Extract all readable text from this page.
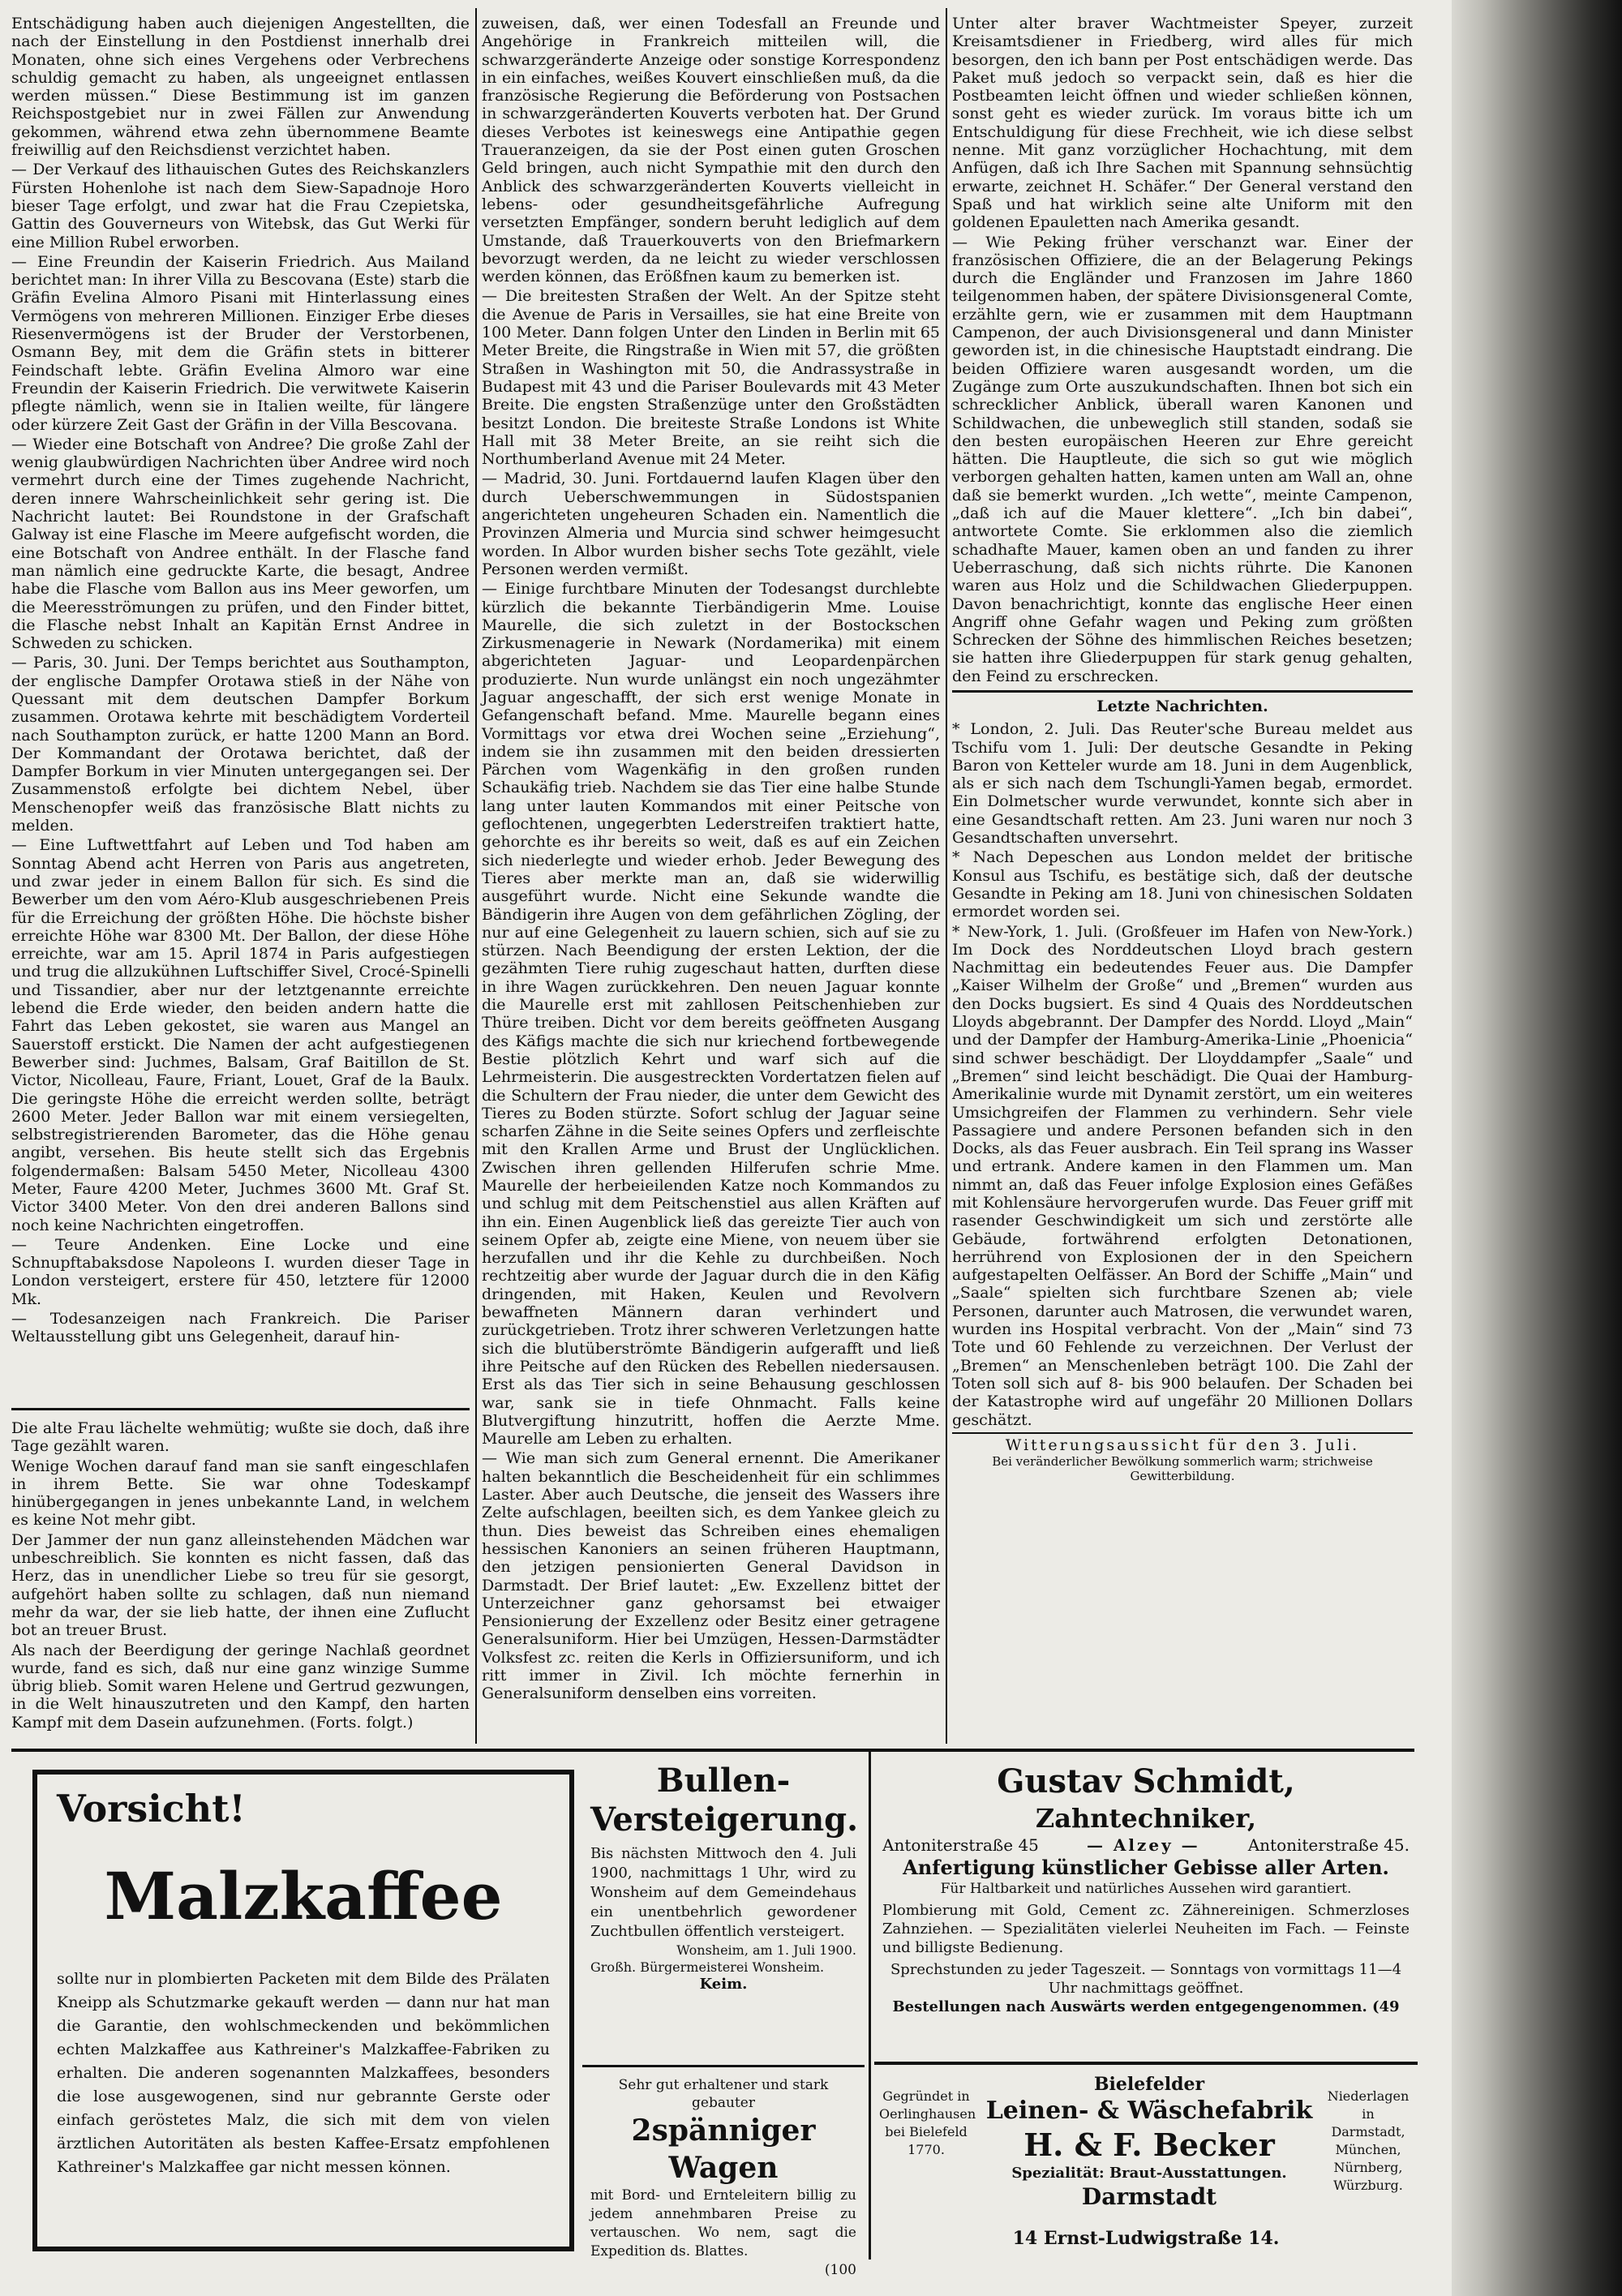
Entschädigung haben auch diejenigen Angestellten, die nach der Einstellung in den Postdienst innerhalb drei Monaten, ohne sich eines Vergehens oder Verbrechens schuldig gemacht zu haben, als ungeeignet entlassen werden müssen.“ Diese Bestimmung ist im ganzen Reichspostgebiet nur in zwei Fällen zur Anwendung gekommen, während etwa zehn übernommene Beamte freiwillig auf den Reichsdienst verzichtet haben.

— Der Verkauf des lithauischen Gutes des Reichskanzlers Fürsten Hohenlohe ist nach dem Siew-Sapadnoje Horo bieser Tage erfolgt, und zwar hat die Frau Czepietska, Gattin des Gouverneurs von Witebsk, das Gut Werki für eine Million Rubel erworben.

— Eine Freundin der Kaiserin Friedrich. Aus Mailand berichtet man: In ihrer Villa zu Bescovana (Este) starb die Gräfin Evelina Almoro Pisani mit Hinterlassung eines Vermögens von mehreren Millionen. Einziger Erbe dieses Riesenvermögens ist der Bruder der Verstorbenen, Osmann Bey, mit dem die Gräfin stets in bitterer Feindschaft lebte. Gräfin Evelina Almoro war eine Freundin der Kaiserin Friedrich. Die verwitwete Kaiserin pflegte nämlich, wenn sie in Italien weilte, für längere oder kürzere Zeit Gast der Gräfin in der Villa Bescovana.

— Wieder eine Botschaft von Andree? Die große Zahl der wenig glaubwürdigen Nachrichten über Andree wird noch vermehrt durch eine der Times zugehende Nachricht, deren innere Wahrscheinlichkeit sehr gering ist. Die Nachricht lautet: Bei Roundstone in der Grafschaft Galway ist eine Flasche im Meere aufgefischt worden, die eine Botschaft von Andree enthält. In der Flasche fand man nämlich eine gedruckte Karte, die besagt, Andree habe die Flasche vom Ballon aus ins Meer geworfen, um die Meeresströmungen zu prüfen, und den Finder bittet, die Flasche nebst Inhalt an Kapitän Ernst Andree in Schweden zu schicken.

— Paris, 30. Juni. Der Temps berichtet aus Southampton, der englische Dampfer Orotawa stieß in der Nähe von Quessant mit dem deutschen Dampfer Borkum zusammen. Orotawa kehrte mit beschädigtem Vorderteil nach Southampton zurück, er hatte 1200 Mann an Bord. Der Kommandant der Orotawa berichtet, daß der Dampfer Borkum in vier Minuten untergegangen sei. Der Zusammenstoß erfolgte bei dichtem Nebel, über Menschenopfer weiß das französische Blatt nichts zu melden.

— Eine Luftwettfahrt auf Leben und Tod haben am Sonntag Abend acht Herren von Paris aus angetreten, und zwar jeder in einem Ballon für sich. Es sind die Bewerber um den vom Aéro-Klub ausgeschriebenen Preis für die Erreichung der größten Höhe. Die höchste bisher erreichte Höhe war 8300 Mt. Der Ballon, der diese Höhe erreichte, war am 15. April 1874 in Paris aufgestiegen und trug die allzukühnen Luftschiffer Sivel, Crocé-Spinelli und Tissandier, aber nur der letztgenannte erreichte lebend die Erde wieder, den beiden andern hatte die Fahrt das Leben gekostet, sie waren aus Mangel an Sauerstoff erstickt. Die Namen der acht aufgestiegenen Bewerber sind: Juchmes, Balsam, Graf Baitillon de St. Victor, Nicolleau, Faure, Friant, Louet, Graf de la Baulx. Die geringste Höhe die erreicht werden sollte, beträgt 2600 Meter. Jeder Ballon war mit einem versiegelten, selbstregistrierenden Barometer, das die Höhe genau angibt, versehen. Bis heute stellt sich das Ergebnis folgendermaßen: Balsam 5450 Meter, Nicolleau 4300 Meter, Faure 4200 Meter, Juchmes 3600 Mt. Graf St. Victor 3400 Meter. Von den drei anderen Ballons sind noch keine Nachrichten eingetroffen.

— Teure Andenken. Eine Locke und eine Schnupftabaksdose Napoleons I. wurden dieser Tage in London versteigert, erstere für 450, letztere für 12000 Mk.

— Todesanzeigen nach Frankreich. Die Pariser Weltausstellung gibt uns Gelegenheit, darauf hin-

Die alte Frau lächelte wehmütig; wußte sie doch, daß ihre Tage gezählt waren.

Wenige Wochen darauf fand man sie sanft eingeschlafen in ihrem Bette. Sie war ohne Todeskampf hinübergegangen in jenes unbekannte Land, in welchem es keine Not mehr gibt.

Der Jammer der nun ganz alleinstehenden Mädchen war unbeschreiblich. Sie konnten es nicht fassen, daß das Herz, das in unendlicher Liebe so treu für sie gesorgt, aufgehört haben sollte zu schlagen, daß nun niemand mehr da war, der sie lieb hatte, der ihnen eine Zuflucht bot an treuer Brust.

Als nach der Beerdigung der geringe Nachlaß geordnet wurde, fand es sich, daß nur eine ganz winzige Summe übrig blieb. Somit waren Helene und Gertrud gezwungen, in die Welt hinauszutreten und den Kampf, den harten Kampf mit dem Dasein aufzunehmen. (Forts. folgt.)

zuweisen, daß, wer einen Todesfall an Freunde und Angehörige in Frankreich mitteilen will, die schwarzgeränderte Anzeige oder sonstige Korrespondenz in ein einfaches, weißes Kouvert einschließen muß, da die französische Regierung die Beförderung von Postsachen in schwarzgeränderten Kouverts verboten hat. Der Grund dieses Verbotes ist keineswegs eine Antipathie gegen Traueranzeigen, da sie der Post einen guten Groschen Geld bringen, auch nicht Sympathie mit den durch den Anblick des schwarzgeränderten Kouverts vielleicht in lebens- oder gesundheitsgefährliche Aufregung versetzten Empfänger, sondern beruht lediglich auf dem Umstande, daß Trauerkouverts von den Briefmarkern bevorzugt werden, da ne leicht zu wieder verschlossen werden können, das Erößfnen kaum zu bemerken ist.

— Die breitesten Straßen der Welt. An der Spitze steht die Avenue de Paris in Versailles, sie hat eine Breite von 100 Meter. Dann folgen Unter den Linden in Berlin mit 65 Meter Breite, die Ringstraße in Wien mit 57, die größten Straßen in Washington mit 50, die Andrassystraße in Budapest mit 43 und die Pariser Boulevards mit 43 Meter Breite. Die engsten Straßenzüge unter den Großstädten besitzt London. Die breiteste Straße Londons ist White Hall mit 38 Meter Breite, an sie reiht sich die Northumberland Avenue mit 24 Meter.

— Madrid, 30. Juni. Fortdauernd laufen Klagen über den durch Ueberschwemmungen in Südostspanien angerichteten ungeheuren Schaden ein. Namentlich die Provinzen Almeria und Murcia sind schwer heimgesucht worden. In Albor wurden bisher sechs Tote gezählt, viele Personen werden vermißt.

— Einige furchtbare Minuten der Todesangst durchlebte kürzlich die bekannte Tierbändigerin Mme. Louise Maurelle, die sich zuletzt in der Bostockschen Zirkusmenagerie in Newark (Nordamerika) mit einem abgerichteten Jaguar- und Leopardenpärchen produzierte. Nun wurde unlängst ein noch ungezähmter Jaguar angeschafft, der sich erst wenige Monate in Gefangenschaft befand. Mme. Maurelle begann eines Vormittags vor etwa drei Wochen seine „Erziehung“, indem sie ihn zusammen mit den beiden dressierten Pärchen vom Wagenkäfig in den großen runden Schaukäfig trieb. Nachdem sie das Tier eine halbe Stunde lang unter lauten Kommandos mit einer Peitsche von geflochtenen, ungegerbten Lederstreifen traktiert hatte, gehorchte es ihr bereits so weit, daß es auf ein Zeichen sich niederlegte und wieder erhob. Jeder Bewegung des Tieres aber merkte man an, daß sie widerwillig ausgeführt wurde. Nicht eine Sekunde wandte die Bändigerin ihre Augen von dem gefährlichen Zögling, der nur auf eine Gelegenheit zu lauern schien, sich auf sie zu stürzen. Nach Beendigung der ersten Lektion, der die gezähmten Tiere ruhig zugeschaut hatten, durften diese in ihre Wagen zurückkehren. Den neuen Jaguar konnte die Maurelle erst mit zahllosen Peitschenhieben zur Thüre treiben. Dicht vor dem bereits geöffneten Ausgang des Käfigs machte die sich nur kriechend fortbewegende Bestie plötzlich Kehrt und warf sich auf die Lehrmeisterin. Die ausgestreckten Vordertatzen fielen auf die Schultern der Frau nieder, die unter dem Gewicht des Tieres zu Boden stürzte. Sofort schlug der Jaguar seine scharfen Zähne in die Seite seines Opfers und zerfleischte mit den Krallen Arme und Brust der Unglücklichen. Zwischen ihren gellenden Hilferufen schrie Mme. Maurelle der herbeieilenden Katze noch Kommandos zu und schlug mit dem Peitschenstiel aus allen Kräften auf ihn ein. Einen Augenblick ließ das gereizte Tier auch von seinem Opfer ab, zeigte eine Miene, von neuem über sie herzufallen und ihr die Kehle zu durchbeißen. Noch rechtzeitig aber wurde der Jaguar durch die in den Käfig dringenden, mit Haken, Keulen und Revolvern bewaffneten Männern daran verhindert und zurückgetrieben. Trotz ihrer schweren Verletzungen hatte sich die blutüberströmte Bändigerin aufgerafft und ließ ihre Peitsche auf den Rücken des Rebellen niedersausen. Erst als das Tier sich in seine Behausung geschlossen war, sank sie in tiefe Ohnmacht. Falls keine Blutvergiftung hinzutritt, hoffen die Aerzte Mme. Maurelle am Leben zu erhalten.

— Wie man sich zum General ernennt. Die Amerikaner halten bekanntlich die Bescheidenheit für ein schlimmes Laster. Aber auch Deutsche, die jenseit des Wassers ihre Zelte aufschlagen, beeilten sich, es dem Yankee gleich zu thun. Dies beweist das Schreiben eines ehemaligen hessischen Kanoniers an seinen früheren Hauptmann, den jetzigen pensionierten General Davidson in Darmstadt. Der Brief lautet: „Ew. Exzellenz bittet der Unterzeichner ganz gehorsamst bei etwaiger Pensionierung der Exzellenz oder Besitz einer getragene Generalsuniform. Hier bei Umzügen, Hessen-Darmstädter Volksfest zc. reiten die Kerls in Offiziersuniform, und ich ritt immer in Zivil. Ich möchte fernerhin in Generalsuniform denselben eins vorreiten.

Unter alter braver Wachtmeister Speyer, zurzeit Kreisamtsdiener in Friedberg, wird alles für mich besorgen, den ich bann per Post entschädigen werde. Das Paket muß jedoch so verpackt sein, daß es hier die Postbeamten leicht öffnen und wieder schließen können, sonst geht es wieder zurück. Im voraus bitte ich um Entschuldigung für diese Frechheit, wie ich diese selbst nenne. Mit ganz vorzüglicher Hochachtung, mit dem Anfügen, daß ich Ihre Sachen mit Spannung sehnsüchtig erwarte, zeichnet H. Schäfer.“ Der General verstand den Spaß und hat wirklich seine alte Uniform mit den goldenen Epauletten nach Amerika gesandt.

— Wie Peking früher verschanzt war. Einer der französischen Offiziere, die an der Belagerung Pekings durch die Engländer und Franzosen im Jahre 1860 teilgenommen haben, der spätere Divisionsgeneral Comte, erzählte gern, wie er zusammen mit dem Hauptmann Campenon, der auch Divisionsgeneral und dann Minister geworden ist, in die chinesische Hauptstadt eindrang. Die beiden Offiziere waren ausgesandt worden, um die Zugänge zum Orte auszukundschaften. Ihnen bot sich ein schrecklicher Anblick, überall waren Kanonen und Schildwachen, die unbeweglich still standen, sodaß sie den besten europäischen Heeren zur Ehre gereicht hätten. Die Hauptleute, die sich so gut wie möglich verborgen gehalten hatten, kamen unten am Wall an, ohne daß sie bemerkt wurden. „Ich wette“, meinte Campenon, „daß ich auf die Mauer klettere“. „Ich bin dabei“, antwortete Comte. Sie erklommen also die ziemlich schadhafte Mauer, kamen oben an und fanden zu ihrer Ueberraschung, daß sich nichts rührte. Die Kanonen waren aus Holz und die Schildwachen Gliederpuppen. Davon benachrichtigt, konnte das englische Heer einen Angriff ohne Gefahr wagen und Peking zum größten Schrecken der Söhne des himmlischen Reiches besetzen; sie hatten ihre Gliederpuppen für stark genug gehalten, den Feind zu erschrecken.

Letzte Nachrichten.

* London, 2. Juli. Das Reuter'sche Bureau meldet aus Tschifu vom 1. Juli: Der deutsche Gesandte in Peking Baron von Ketteler wurde am 18. Juni in dem Augenblick, als er sich nach dem Tschungli-Yamen begab, ermordet. Ein Dolmetscher wurde verwundet, konnte sich aber in eine Gesandtschaft retten. Am 23. Juni waren nur noch 3 Gesandtschaften unversehrt.

* Nach Depeschen aus London meldet der britische Konsul aus Tschifu, es bestätige sich, daß der deutsche Gesandte in Peking am 18. Juni von chinesischen Soldaten ermordet worden sei.

* New-York, 1. Juli. (Großfeuer im Hafen von New-York.) Im Dock des Norddeutschen Lloyd brach gestern Nachmittag ein bedeutendes Feuer aus. Die Dampfer „Kaiser Wilhelm der Große“ und „Bremen“ wurden aus den Docks bugsiert. Es sind 4 Quais des Norddeutschen Lloyds abgebrannt. Der Dampfer des Nordd. Lloyd „Main“ und der Dampfer der Hamburg-Amerika-Linie „Phoenicia“ sind schwer beschädigt. Der Lloyddampfer „Saale“ und „Bremen“ sind leicht beschädigt. Die Quai der Hamburg-Amerikalinie wurde mit Dynamit zerstört, um ein weiteres Umsichgreifen der Flammen zu verhindern. Sehr viele Passagiere und andere Personen befanden sich in den Docks, als das Feuer ausbrach. Ein Teil sprang ins Wasser und ertrank. Andere kamen in den Flammen um. Man nimmt an, daß das Feuer infolge Explosion eines Gefäßes mit Kohlensäure hervorgerufen wurde. Das Feuer griff mit rasender Geschwindigkeit um sich und zerstörte alle Gebäude, fortwährend erfolgten Detonationen, herrührend von Explosionen der in den Speichern aufgestapelten Oelfässer. An Bord der Schiffe „Main“ und „Saale“ spielten sich furchtbare Szenen ab; viele Personen, darunter auch Matrosen, die verwundet waren, wurden ins Hospital verbracht. Von der „Main“ sind 73 Tote und 60 Fehlende zu verzeichnen. Der Verlust der „Bremen“ an Menschenleben beträgt 100. Die Zahl der Toten soll sich auf 8- bis 900 belaufen. Der Schaden bei der Katastrophe wird auf ungefähr 20 Millionen Dollars geschätzt.

Witterungsaussicht für den 3. Juli.
Bei veränderlicher Bewölkung sommerlich warm; strichweise Gewitterbildung.
Vorsicht!
Malzkaffee
sollte nur in plombierten Packeten mit dem Bilde des Prälaten Kneipp als Schutzmarke gekauft werden — dann nur hat man die Garantie, den wohlschmeckenden und bekömmlichen echten Malzkaffee aus Kathreiner's Malzkaffee-Fabriken zu erhalten. Die anderen sogenannten Malzkaffees, besonders die lose ausgewogenen, sind nur gebrannte Gerste oder einfach geröstetes Malz, die sich mit dem von vielen ärztlichen Autoritäten als besten Kaffee-Ersatz empfohlenen Kathreiner's Malzkaffee gar nicht messen können.
Bullen-
Versteigerung.
Bis nächsten Mittwoch den 4. Juli 1900, nachmittags 1 Uhr, wird zu Wonsheim auf dem Gemeindehaus ein unentbehrlich gewordener Zuchtbullen öffentlich versteigert.
Wonsheim, am 1. Juli 1900.
Großh. Bürgermeisterei Wonsheim.
Keim.
Sehr gut erhaltener und stark gebauter
2spänniger Wagen
mit Bord- und Ernteleitern billig zu jedem annehmbaren Preise zu vertauschen. Wo nem, sagt die Expedition ds. Blattes.
(100
Gustav Schmidt,
Zahntechniker,
Antoniterstraße 45	— Alzey —	Antoniterstraße 45.
Anfertigung künstlicher Gebisse aller Arten.
Für Haltbarkeit und natürliches Aussehen wird garantiert.
Plombierung mit Gold, Cement zc. Zähnereinigen. Schmerzloses Zahnziehen. — Spezialitäten vielerlei Neuheiten im Fach. — Feinste und billigste Bedienung.
Sprechstunden zu jeder Tageszeit. — Sonntags von vormittags 11—4 Uhr nachmittags geöffnet.
Bestellungen nach Auswärts werden entgegengenommen. (49
Gegründet in Oerlinghausen bei Bielefeld 1770.
Niederlagen in Darmstadt, München, Nürnberg, Würzburg.
Bielefelder
Leinen- & Wäschefabrik
H. & F. Becker
Spezialität: Braut-Ausstattungen.
Darmstadt
14 Ernst-Ludwigstraße 14.
